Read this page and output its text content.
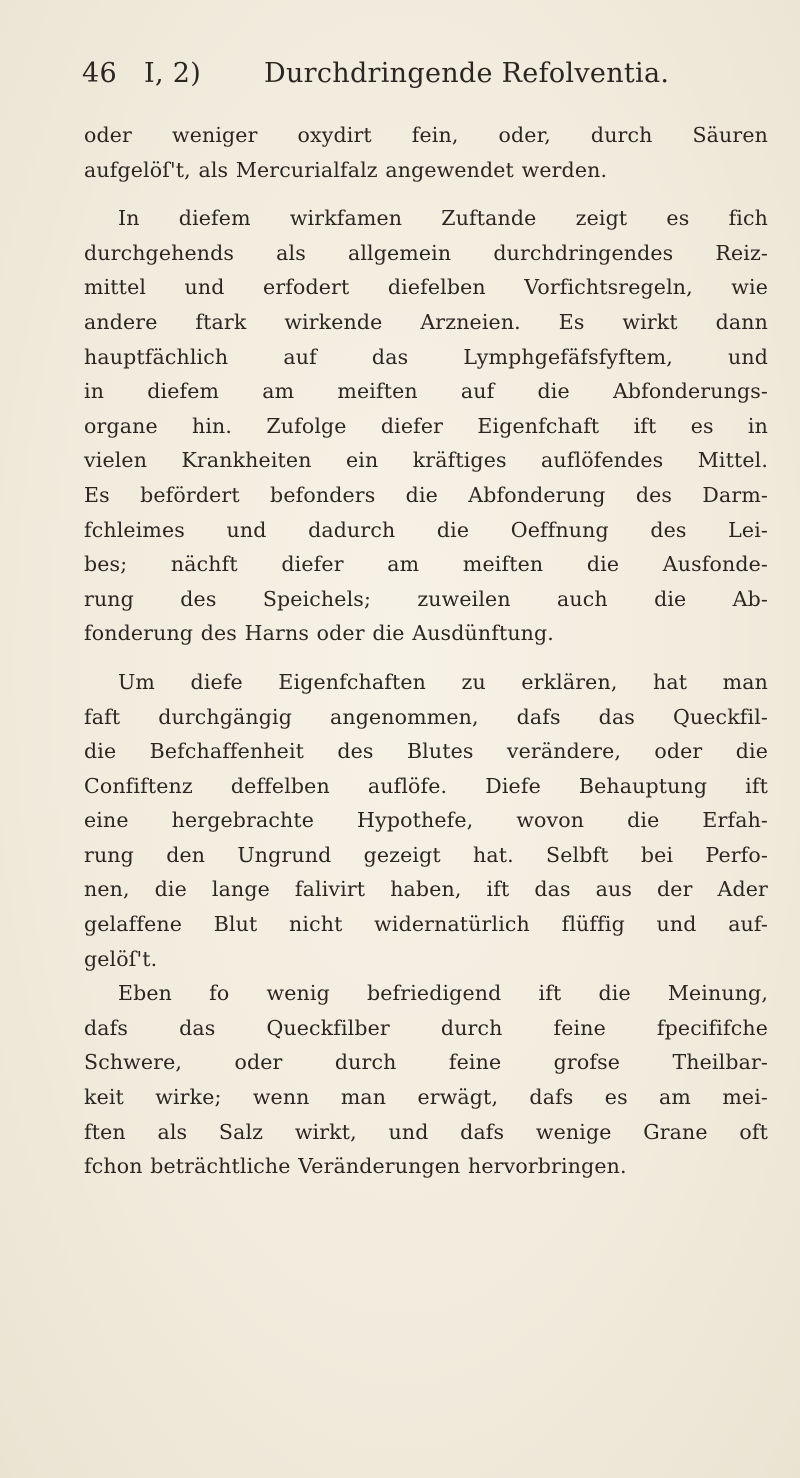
46 I, 2) Durchdringende Refolventia.

oder weniger oxydirt fein, oder, durch Säuren
aufgelöſ't, als Mercurialfalz angewendet werden.

In diefem wirkfamen Zuftande zeigt es fich
durchgehends als allgemein durchdringendes Reiz-
mittel und erfodert diefelben Vorfichtsregeln, wie
andere ftark wirkende Arzneien. Es wirkt dann
hauptfächlich auf das Lymphgefäfsfyftem, und
in diefem am meiften auf die Abfonderungs-
organe hin. Zufolge diefer Eigenfchaft ift es in
vielen Krankheiten ein kräftiges auflöfendes Mittel.
Es befördert befonders die Abfonderung des Darm-
fchleimes und dadurch die Oeffnung des Lei-
bes; nächft diefer am meiften die Ausfonde-
rung des Speichels; zuweilen auch die Ab-
fonderung des Harns oder die Ausdünftung.

Um diefe Eigenfchaften zu erklären, hat man
faft durchgängig angenommen, dafs das Queckfil-
die Befchaffenheit des Blutes verändere, oder die
Confiftenz deffelben auflöfe. Diefe Behauptung ift
eine hergebrachte Hypothefe, wovon die Erfah-
rung den Ungrund gezeigt hat. Selbft bei Perfo-
nen, die lange falivirt haben, ift das aus der Ader
gelaffene Blut nicht widernatürlich flüffig und auf-
gelöſ't.

Eben fo wenig befriedigend ift die Meinung,
dafs das Queckfilber durch feine fpecififche
Schwere, oder durch feine grofse Theilbar-
keit wirke; wenn man erwägt, dafs es am mei-
ften als Salz wirkt, und dafs wenige Grane oft
fchon beträchtliche Veränderungen hervorbringen.
